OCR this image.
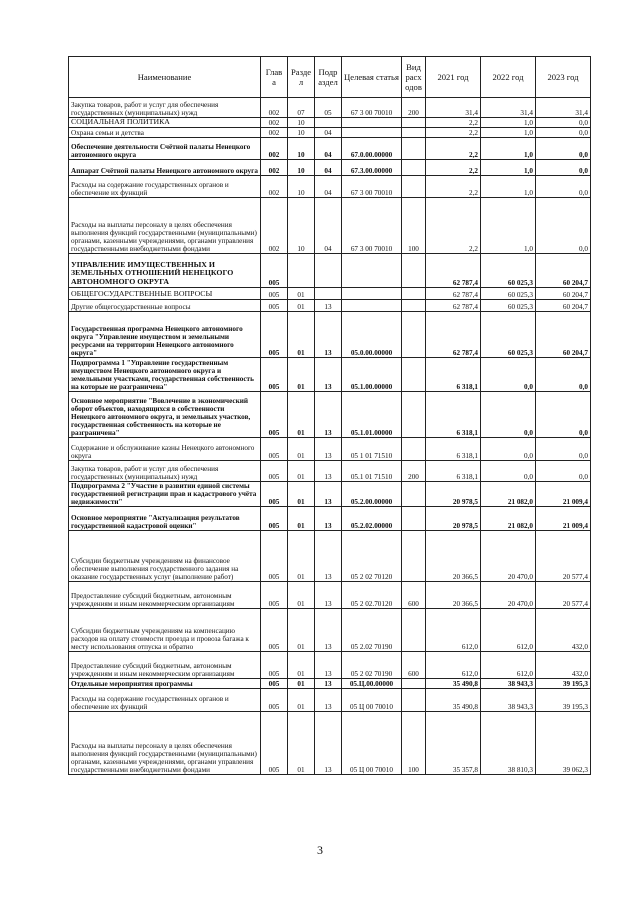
Наименование	Глав а	Разде л	Подр аздел	Целевая статья	Вид расх одов	2021 год	2022 год	2023 год
Закупка товаров, работ и услуг для обеспечения государственных (муниципальных) нужд	002	07	05	67 3 00 70010	200	31,4	31,4	31,4
СОЦИАЛЬНАЯ ПОЛИТИКА	002	10				2,2	1,0	0,0
Охрана семьи и детства	002	10	04			2,2	1,0	0,0
Обеспечение деятельности Счётной палаты Ненецкого автономного округа	002	10	04	67.0.00.00000		2,2	1,0	0,0
Аппарат Счётной палаты Ненецкого автономного округа	002	10	04	67.3.00.00000		2,2	1,0	0,0
Расходы на содержание государственных органов и обеспечение их функций	002	10	04	67 3 00 70010		2,2	1,0	0,0
Расходы на выплаты персоналу в целях обеспечения выполнения функций государственными (муниципальными) органами, казенными учреждениями, органами управления государственными внебюджетными фондами	002	10	04	67 3 00 70010	100	2,2	1,0	0,0
УПРАВЛЕНИЕ ИМУЩЕСТВЕННЫХ И ЗЕМЕЛЬНЫХ ОТНОШЕНИЙ НЕНЕЦКОГО АВТОНОМНОГО ОКРУГА	005					62 787,4	60 025,3	60 204,7
ОБЩЕГОСУДАРСТВЕННЫЕ ВОПРОСЫ	005	01				62 787,4	60 025,3	60 204,7
Другие общегосударственные вопросы	005	01	13			62 787,4	60 025,3	60 204,7
Государственная программа Ненецкого автономного округа "Управление имуществом и земельными ресурсами на территории Ненецкого автономного округа"	005	01	13	05.0.00.00000		62 787,4	60 025,3	60 204,7
Подпрограмма 1 "Управление государственным имуществом Ненецкого автономного округа и земельными участками, государственная собственность на которые не разграничена"	005	01	13	05.1.00.00000		6 318,1	0,0	0,0
Основное мероприятие "Вовлечение в экономический оборот объектов, находящихся в собственности Ненецкого автономного округа, и земельных участков, государственная собственность на которые не разграничена"	005	01	13	05.1.01.00000		6 318,1	0,0	0,0
Содержание и обслуживание казны Ненецкого автономного округа	005	01	13	05 1 01 71510		6 318,1	0,0	0,0
Закупка товаров, работ и услуг для обеспечения государственных (муниципальных) нужд	005	01	13	05.1 01 71510	200	6 318,1	0,0	0,0
Подпрограмма 2 "Участие в развитии единой системы государственной регистрации прав и кадастрового учёта недвижимости"	005	01	13	05.2.00.00000		20 978,5	21 082,0	21 009,4
Основное мероприятие "Актуализация результатов государственной кадастровой оценки"	005	01	13	05.2.02.00000		20 978,5	21 082,0	21 009,4
Субсидии бюджетным учреждениям на финансовое обеспечение выполнения государственного задания на оказание государственных услуг (выполнение работ)	005	01	13	05 2 02 70120		20 366,5	20 470,0	20 577,4
Предоставление субсидий бюджетным, автономным учреждениям и иным некоммерческим организациям	005	01	13	05 2 02.70120	600	20 366,5	20 470,0	20 577,4
Субсидии бюджетным учреждениям на компенсацию расходов на оплату стоимости проезда и провоза багажа к месту использования отпуска и обратно	005	01	13	05 2.02 70190		612,0	612,0	432,0
Предоставление субсидий бюджетным, автономным учреждениям и иным некоммерческим организациям	005	01	13	05 2 02 70190	600	612,0	612,0	432,0
Отдельные мероприятия программы	005	01	13	05.Ц.00.00000		35 490,8	38 943,3	39 195,3
Расходы на содержание государственных органов и обеспечение их функций	005	01	13	05 Ц 00 70010		35 490,8	38 943,3	39 195,3
Расходы на выплаты персоналу в целях обеспечения выполнения функций государственными (муниципальными) органами, казенными учреждениями, органами управления государственными внебюджетными фондами	005	01	13	05 Ц 00 70010	100	35 357,8	38 810,3	39 062,3
3
